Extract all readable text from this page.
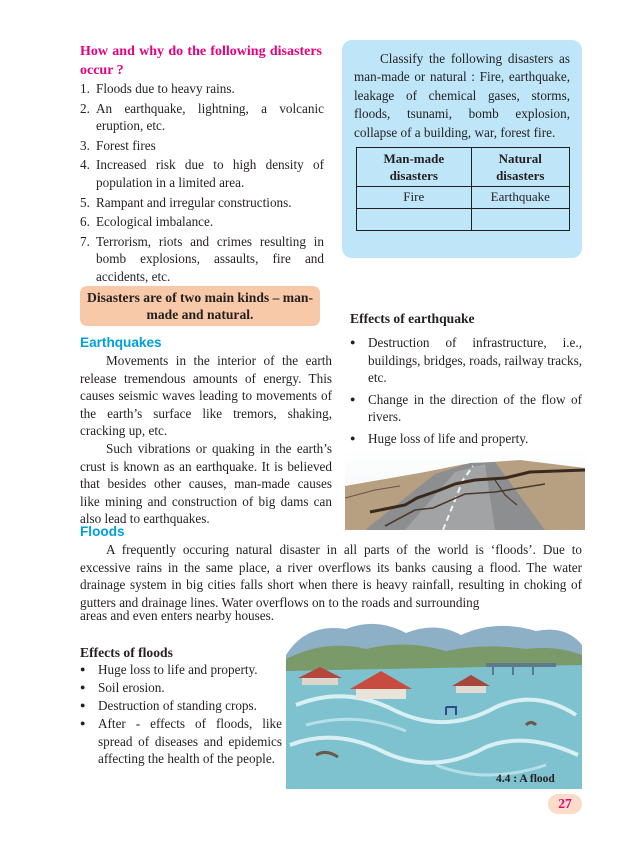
How and why do the following disasters occur ?
1. Floods due to heavy rains.
2. An earthquake, lightning, a volcanic eruption, etc.
3. Forest fires
4. Increased risk due to high density of population in a limited area.
5. Rampant and irregular constructions.
6. Ecological imbalance.
7. Terrorism, riots and crimes resulting in bomb explosions, assaults, fire and accidents, etc.
Classify the following disasters as man-made or natural : Fire, earthquake, leakage of chemical gases, storms, floods, tsunami, bomb explosion, collapse of a building, war, forest fire.
Man-made disasters	Natural disasters
Fire	Earthquake

Disasters are of two main kinds – man-made and natural.
Earthquakes

Movements in the interior of the earth release tremendous amounts of energy. This causes seismic waves leading to movements of the earth’s surface like tremors, shaking, cracking up, etc.

Such vibrations or quaking in the earth’s crust is known as an earthquake. It is believed that besides other causes, man-made causes like mining and construction of big dams can also lead to earthquakes.

Effects of earthquake
● Destruction of infrastructure, i.e., buildings, bridges, roads, railway tracks, etc.
● Change in the direction of the flow of rivers.
● Huge loss of life and property.
Floods
A frequently occuring natural disaster in all parts of the world is ‘floods’. Due to excessive rains in the same place, a river overflows its banks causing a flood. The water drainage system in big cities falls short when there is heavy rainfall, resulting in choking of gutters and drainage lines. Water overflows on to the roads and surrounding
areas and even enters nearby houses.
Effects of floods
● Huge loss to life and property.
● Soil erosion.
● Destruction of standing crops.
● After - effects of floods, like spread of diseases and epidemics affecting the health of the people.
4.4 : A flood
27
